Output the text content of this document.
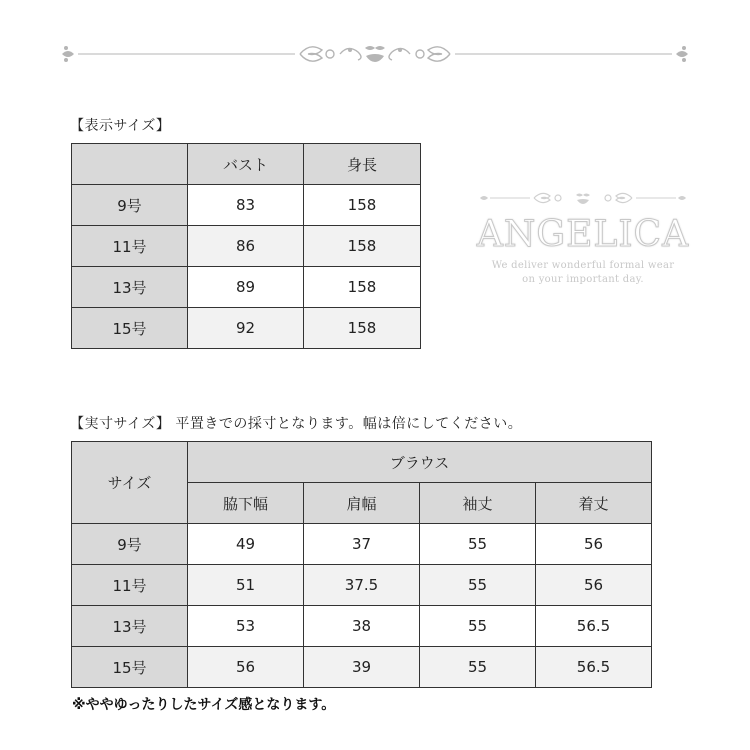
【表示サイズ】
	バスト	身長
9号	83	158
11号	86	158
13号	89	158
15号	92	158
ANGELICA
We deliver wonderful formal wear
on your important day.
【実寸サイズ】 平置きでの採寸となります。幅は倍にしてください。
サイズ	ブラウス			
	脇下幅	肩幅	袖丈	着丈
9号	49	37	55	56
11号	51	37.5	55	56
13号	53	38	55	56.5
15号	56	39	55	56.5
※ややゆったりしたサイズ感となります。
